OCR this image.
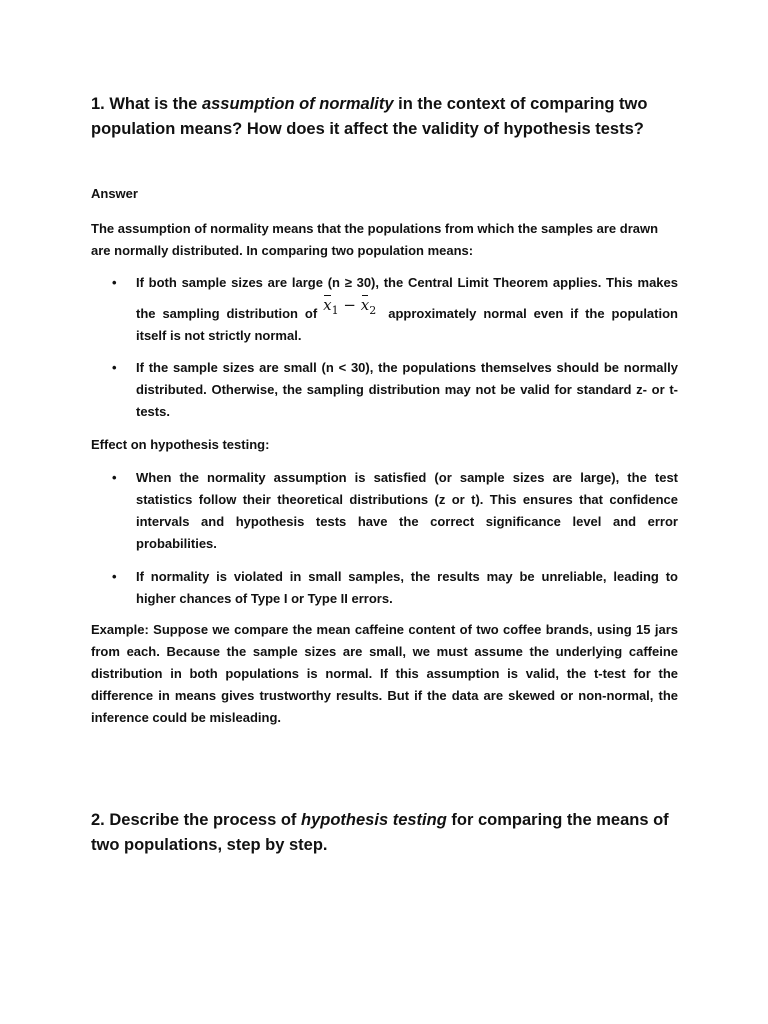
1. What is the assumption of normality in the context of comparing two population means? How does it affect the validity of hypothesis tests?

Answer

The assumption of normality means that the populations from which the samples are drawn are normally distributed. In comparing two population means:

• If both sample sizes are large (n ≥ 30), the Central Limit Theorem applies. This makes the sampling distribution of $x_1 - x_2$ approximately normal even if the population itself is not strictly normal.
• If the sample sizes are small (n < 30), the populations themselves should be normally distributed. Otherwise, the sampling distribution may not be valid for standard z- or t-tests.

Effect on hypothesis testing:

• When the normality assumption is satisfied (or sample sizes are large), the test statistics follow their theoretical distributions (z or t). This ensures that confidence intervals and hypothesis tests have the correct significance level and error probabilities.
• If normality is violated in small samples, the results may be unreliable, leading to higher chances of Type I or Type II errors.

Example: Suppose we compare the mean caffeine content of two coffee brands, using 15 jars from each. Because the sample sizes are small, we must assume the underlying caffeine distribution in both populations is normal. If this assumption is valid, the t-test for the difference in means gives trustworthy results. But if the data are skewed or non-normal, the inference could be misleading.

2. Describe the process of hypothesis testing for comparing the means of two populations, step by step.
